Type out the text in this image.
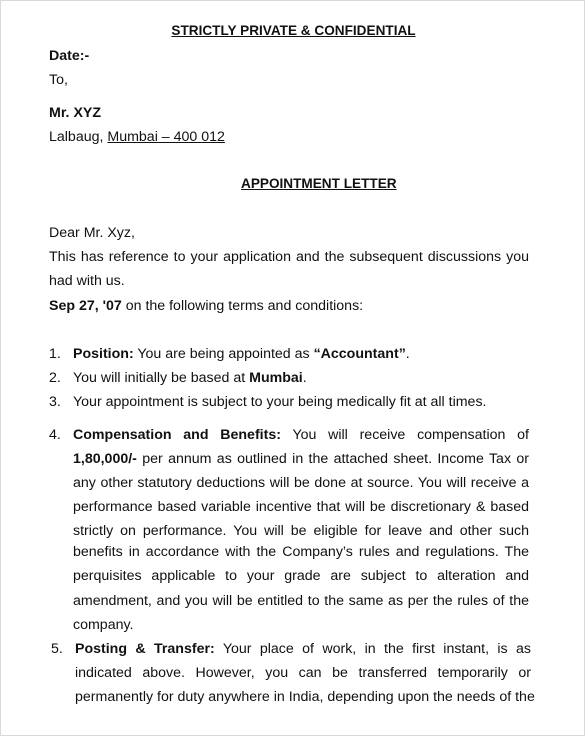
STRICTLY PRIVATE & CONFIDENTIAL
Date:-
To,
Mr. XYZ
Lalbaug, Mumbai – 400 012
APPOINTMENT LETTER
Dear Mr. Xyz,
This has reference to your application and the subsequent discussions you
had with us.
Sep 27, '07 on the following terms and conditions:
1. Position: You are being appointed as “Accountant”.
2. You will initially be based at Mumbai.
3. Your appointment is subject to your being medically fit at all times.
4. Compensation and Benefits: You will receive compensation of
1,80,000/- per annum as outlined in the attached sheet. Income Tax or
any other statutory deductions will be done at source. You will receive a
performance based variable incentive that will be discretionary & based
strictly on performance. You will be eligible for leave and other such
benefits in accordance with the Company’s rules and regulations. The
perquisites applicable to your grade are subject to alteration and
amendment, and you will be entitled to the same as per the rules of the
company.
5. Posting & Transfer: Your place of work, in the first instant, is as
indicated above. However, you can be transferred temporarily or
permanently for duty anywhere in India, depending upon the needs of the
